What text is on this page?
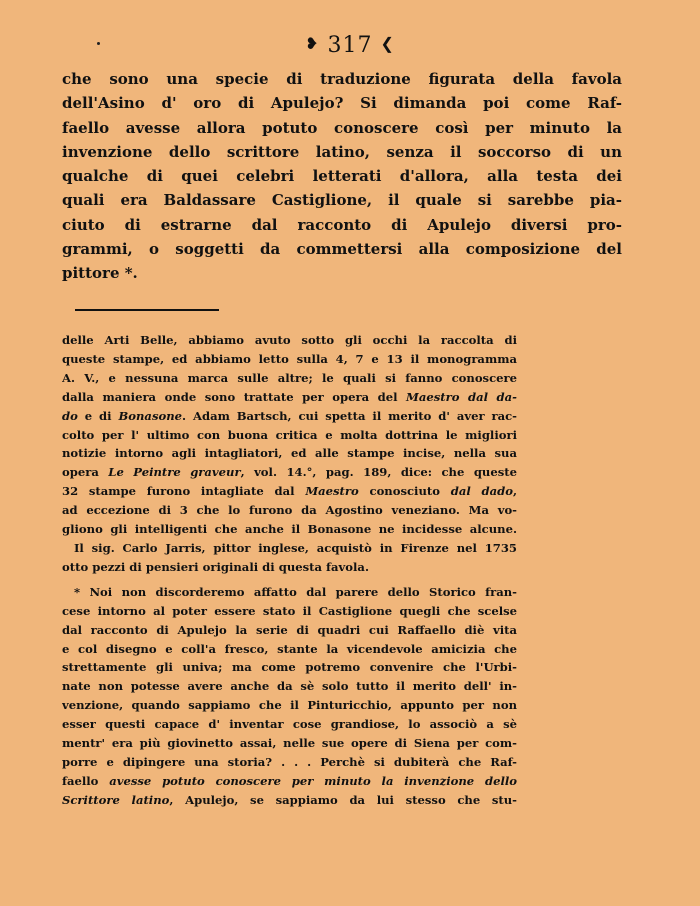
❥ 317 ❮
che sono una specie di traduzione figurata della favola
dell'Asino d' oro di Apulejo? Si dimanda poi come Raf-
faello avesse allora potuto conoscere così per minuto la
invenzione dello scrittore latino, senza il soccorso di un
qualche di quei celebri letterati d'allora, alla testa dei
quali era Baldassare Castiglione, il quale si sarebbe pia-
ciuto di estrarne dal racconto di Apulejo diversi pro-
grammi, o soggetti da commettersi alla composizione del
pittore *.
delle Arti Belle, abbiamo avuto sotto gli occhi la raccolta di
queste stampe, ed abbiamo letto sulla 4, 7 e 13 il monogramma
A. V., e nessuna marca sulle altre; le quali si fanno conoscere
dalla maniera onde sono trattate per opera del Maestro dal da-
do e di Bonasone. Adam Bartsch, cui spetta il merito d' aver rac-
colto per l' ultimo con buona critica e molta dottrina le migliori
notizie intorno agli intagliatori, ed alle stampe incise, nella sua
opera Le Peintre graveur, vol. 14.°, pag. 189, dice: che queste
32 stampe furono intagliate dal Maestro conosciuto dal dado,
ad eccezione di 3 che lo furono da Agostino veneziano. Ma vo-
gliono gli intelligenti che anche il Bonasone ne incidesse alcune.
Il sig. Carlo Jarris, pittor inglese, acquistò in Firenze nel 1735
otto pezzi di pensieri originali di questa favola.
* Noi non discorderemo affatto dal parere dello Storico fran-
cese intorno al poter essere stato il Castiglione quegli che scelse
dal racconto di Apulejo la serie di quadri cui Raffaello diè vita
e col disegno e coll'a fresco, stante la vicendevole amicizia che
strettamente gli univa; ma come potremo convenire che l'Urbi-
nate non potesse avere anche da sè solo tutto il merito dell' in-
venzione, quando sappiamo che il Pinturicchio, appunto per non
esser questi capace d' inventar cose grandiose, lo associò a sè
mentr' era più giovinetto assai, nelle sue opere di Siena per com-
porre e dipingere una storia? . . . Perchè si dubiterà che Raf-
faello avesse potuto conoscere per minuto la invenzione dello
Scrittore latino, Apulejo, se sappiamo da lui stesso che stu-
